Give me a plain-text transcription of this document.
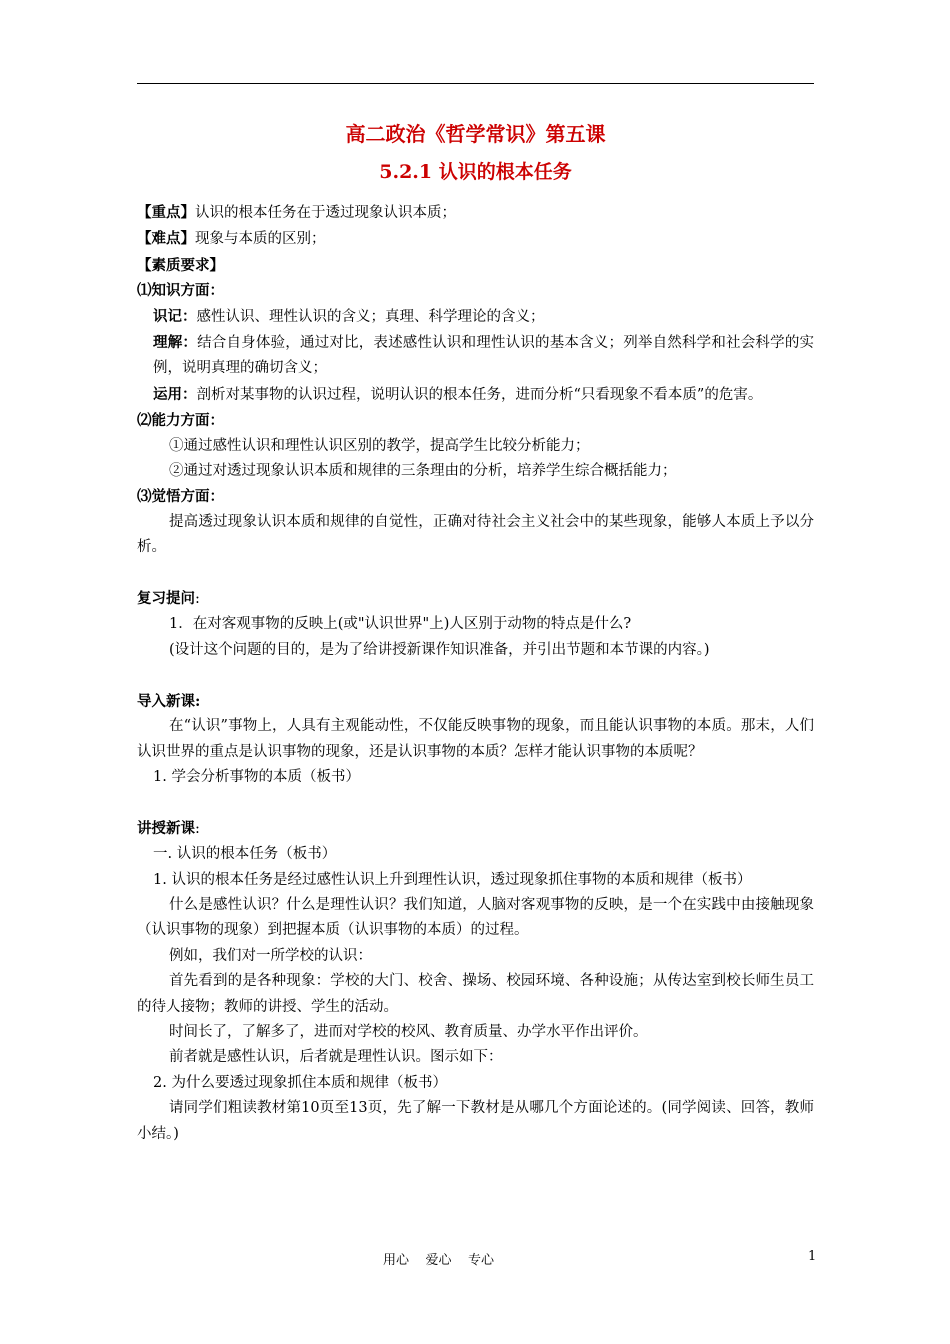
高二政治《哲学常识》第五课
5.2.1 认识的根本任务

【重点】认识的根本任务在于透过现象认识本质；

【难点】现象与本质的区别；

【素质要求】

⑴知识方面：

识记：感性认识、理性认识的含义；真理、科学理论的含义；

理解：结合自身体验，通过对比，表述感性认识和理性认识的基本含义；列举自然科学和社会科学的实例，说明真理的确切含义；

运用：剖析对某事物的认识过程，说明认识的根本任务，进而分析“只看现象不看本质”的危害。

⑵能力方面：

①通过感性认识和理性认识区别的教学，提高学生比较分析能力；

②通过对透过现象认识本质和规律的三条理由的分析，培养学生综合概括能力；

⑶觉悟方面：

提高透过现象认识本质和规律的自觉性，正确对待社会主义社会中的某些现象，能够人本质上予以分析。

复习提问:

1．在对客观事物的反映上(或"认识世界"上)人区别于动物的特点是什么?

(设计这个问题的目的，是为了给讲授新课作知识准备，并引出节题和本节课的内容。)

导入新课:

在“认识”事物上，人具有主观能动性，不仅能反映事物的现象，而且能认识事物的本质。那末，人们认识世界的重点是认识事物的现象，还是认识事物的本质？怎样才能认识事物的本质呢？

1. 学会分析事物的本质（板书）

讲授新课:

一. 认识的根本任务（板书）

1. 认识的根本任务是经过感性认识上升到理性认识，透过现象抓住事物的本质和规律（板书）

什么是感性认识？什么是理性认识？我们知道，人脑对客观事物的反映，是一个在实践中由接触现象（认识事物的现象）到把握本质（认识事物的本质）的过程。

例如，我们对一所学校的认识：

首先看到的是各种现象：学校的大门、校舍、操场、校园环境、各种设施；从传达室到校长师生员工的待人接物；教师的讲授、学生的活动。

时间长了，了解多了，进而对学校的校风、教育质量、办学水平作出评价。

前者就是感性认识，后者就是理性认识。图示如下：

2. 为什么要透过现象抓住本质和规律（板书）

请同学们粗读教材第10页至13页，先了解一下教材是从哪几个方面论述的。(同学阅读、回答，教师小结。)

用心    爱心    专心	1
